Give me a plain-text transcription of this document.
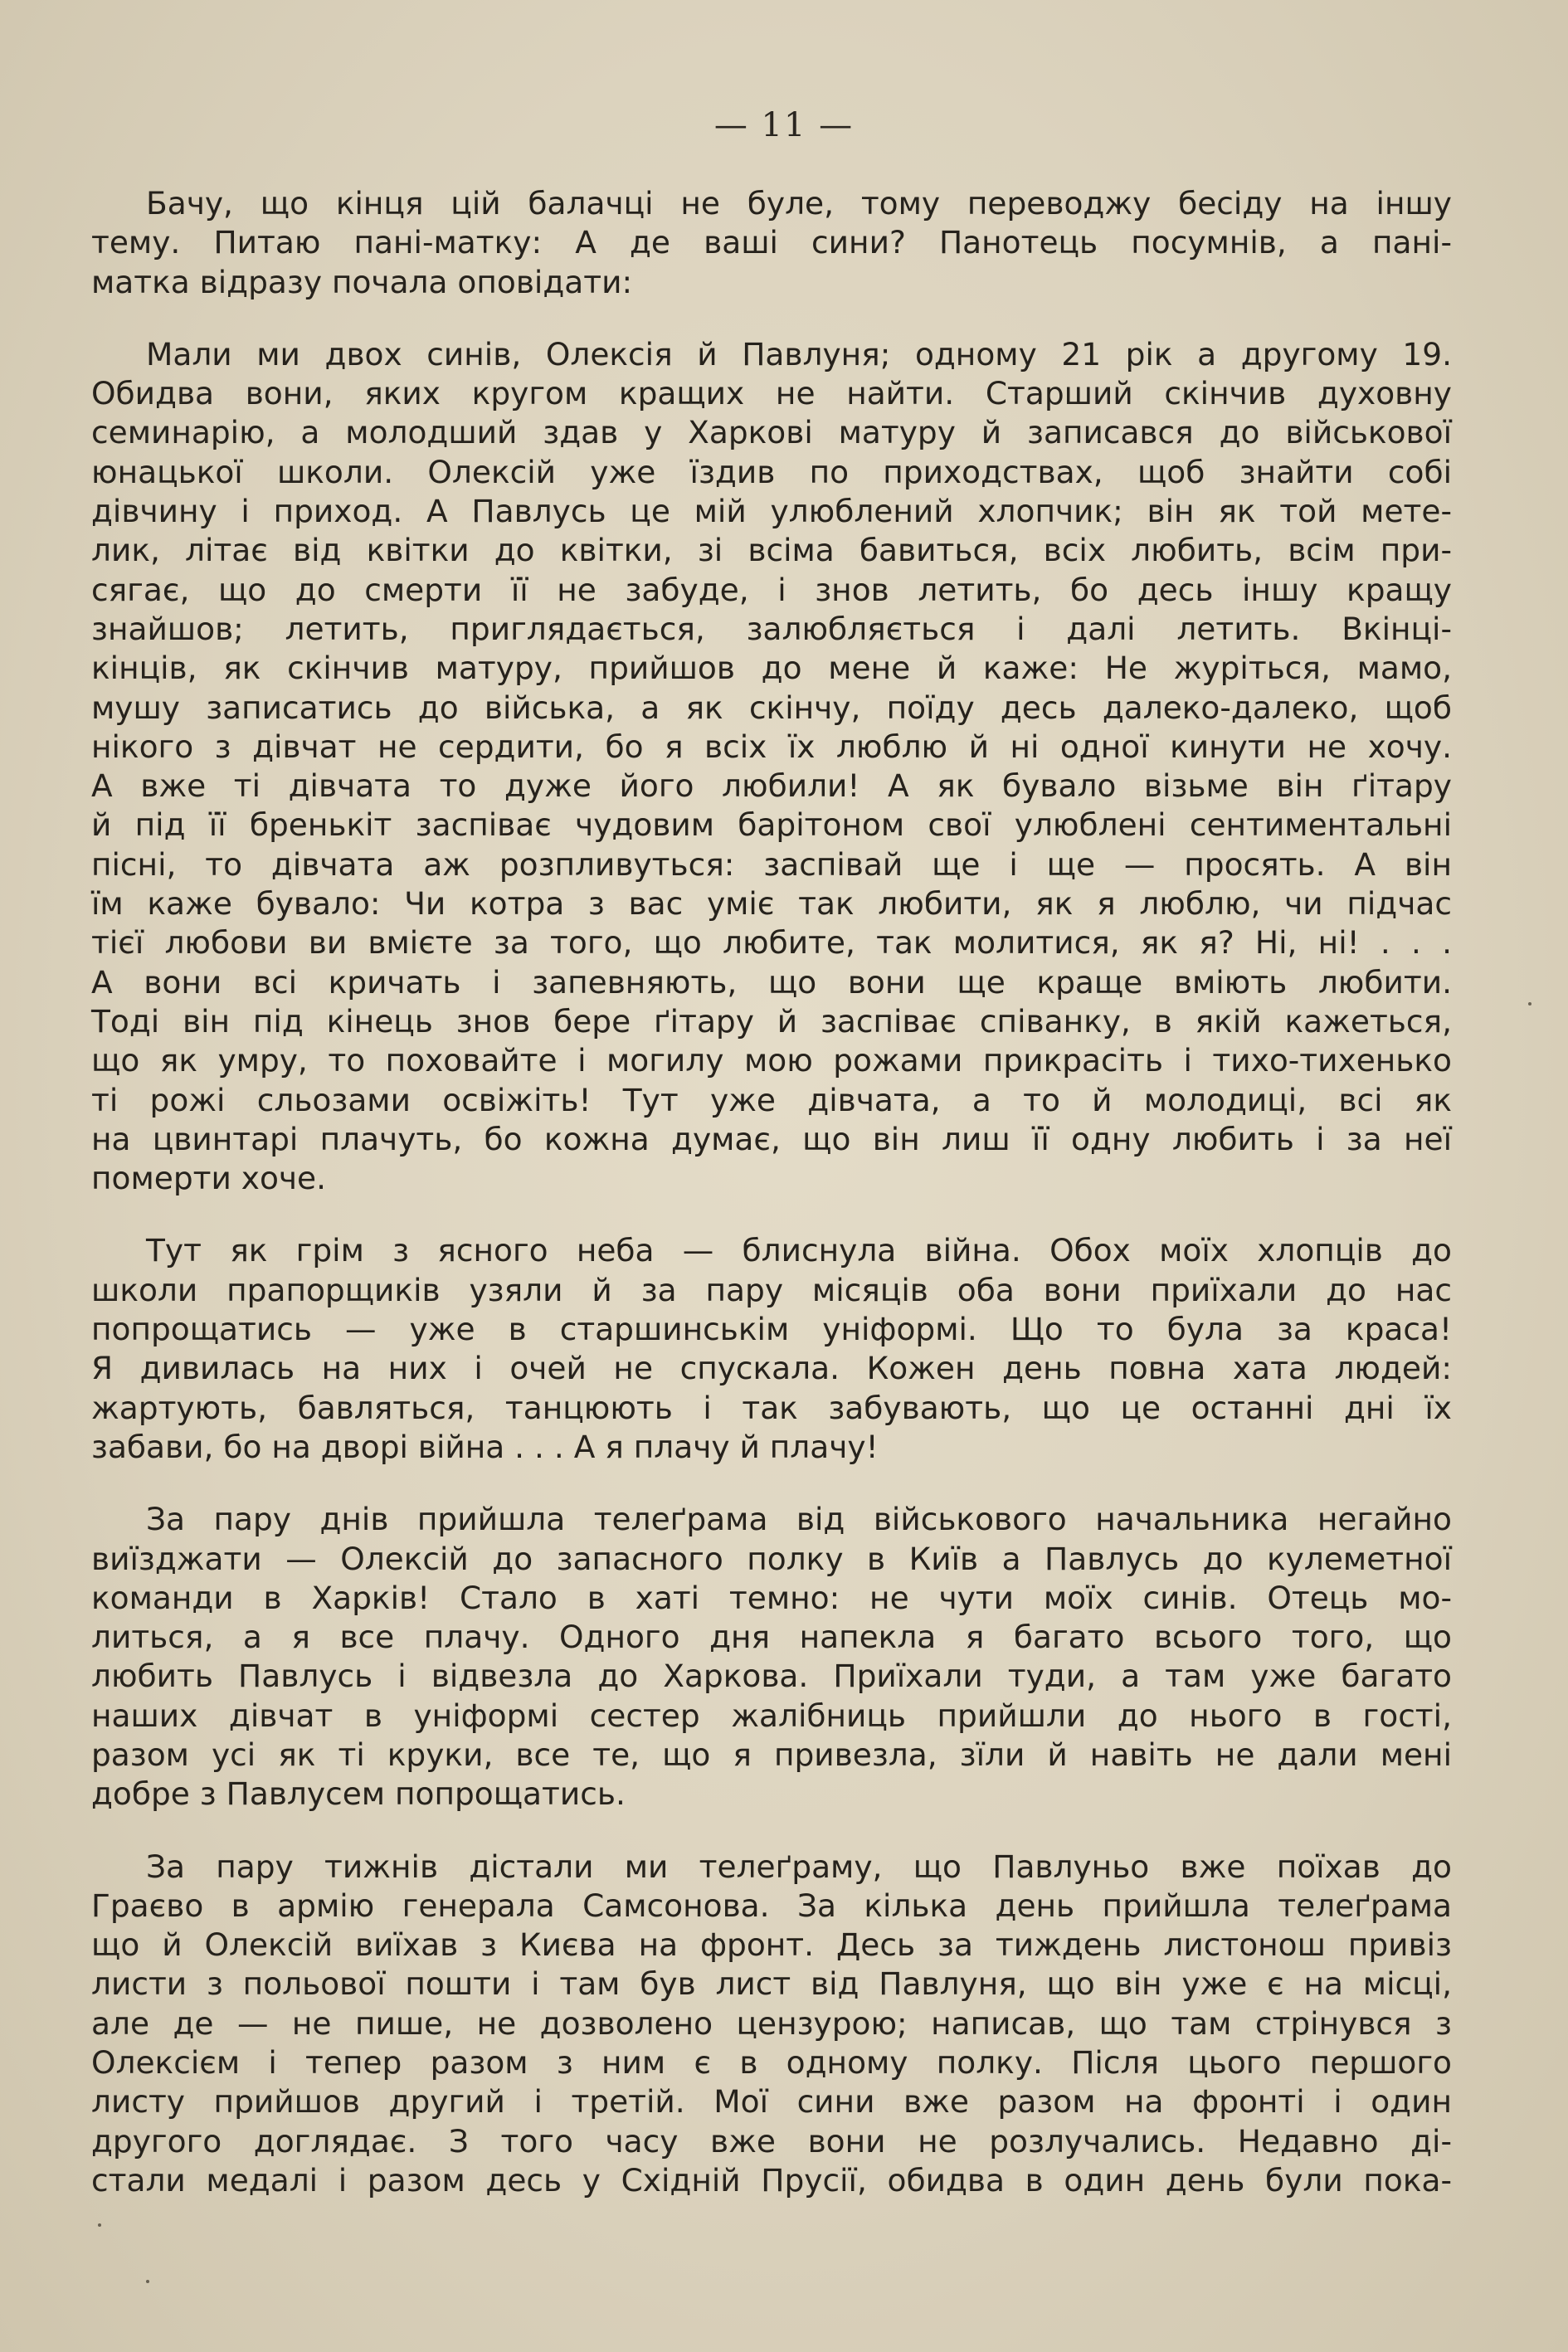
— 11 —
Бачу, що кінця цій балачці не буле, тому переводжу бесіду на іншу
тему. Питаю пані-матку: А де ваші сини? Панотець посумнів, а пані-
матка відразу почала оповідати:
Мали ми двох синів, Олексія й Павлуня; одному 21 рік а другому 19.
Обидва вони, яких кругом кращих не найти. Старший скінчив духовну
семинарію, а молодший здав у Харкові матуру й записався до військової
юнацької школи. Олексій уже їздив по приходствах, щоб знайти собі
дівчину і приход. А Павлусь це мій улюблений хлопчик; він як той мете-
лик, літає від квітки до квітки, зі всіма бавиться, всіх любить, всім при-
сягає, що до смерти її не забуде, і знов летить, бо десь іншу кращу
знайшов; летить, приглядається, залюбляється і далі летить. Вкінці-
кінців, як скінчив матуру, прийшов до мене й каже: Не журіться, мамо,
мушу записатись до війська, а як скінчу, поїду десь далеко-далеко, щоб
нікого з дівчат не сердити, бо я всіх їх люблю й ні одної кинути не хочу.
А вже ті дівчата то дуже його любили! А як бувало візьме він ґітару
й під її бренькіт заспіває чудовим барітоном свої улюблені сентиментальні
пісні, то дівчата аж розпливуться: заспівай ще і ще — просять. А він
їм каже бувало: Чи котра з вас уміє так любити, як я люблю, чи підчас
тієї любови ви вмієте за того, що любите, так молитися, як я? Ні, ні! . . .
А вони всі кричать і запевняють, що вони ще краще вміють любити.
Тоді він під кінець знов бере ґітару й заспіває співанку, в якій кажеться,
що як умру, то поховайте і могилу мою рожами прикрасіть і тихо-тихенько
ті рожі сльозами освіжіть! Тут уже дівчата, а то й молодиці, всі як
на цвинтарі плачуть, бо кожна думає, що він лиш її одну любить і за неї
померти хоче.
Тут як грім з ясного неба — блиснула війна. Обох моїх хлопців до
школи прапорщиків узяли й за пару місяців оба вони приїхали до нас
попрощатись — уже в старшинськім уніформі. Що то була за краса!
Я дивилась на них і очей не спускала. Кожен день повна хата людей:
жартують, бавляться, танцюють і так забувають, що це останні дні їх
забави, бо на дворі війна . . . А я плачу й плачу!
За пару днів прийшла телеґрама від військового начальника негайно
виїзджати — Олексій до запасного полку в Київ а Павлусь до кулеметної
команди в Харків! Стало в хаті темно: не чути моїх синів. Отець мо-
литься, а я все плачу. Одного дня напекла я багато всього того, що
любить Павлусь і відвезла до Харкова. Приїхали туди, а там уже багато
наших дівчат в уніформі сестер жалібниць прийшли до нього в гості,
разом усі як ті круки, все те, що я привезла, зїли й навіть не дали мені
добре з Павлусем попрощатись.
За пару тижнів дістали ми телеґраму, що Павлуньо вже поїхав до
Граєво в армію генерала Самсонова. За кілька день прийшла телеґрама
що й Олексій виїхав з Києва на фронт. Десь за тиждень листонош привіз
листи з польової пошти і там був лист від Павлуня, що він уже є на місці,
але де — не пише, не дозволено цензурою; написав, що там стрінувся з
Олексієм і тепер разом з ним є в одному полку. Після цього першого
листу прийшов другий і третій. Мої сини вже разом на фронті і один
другого доглядає. З того часу вже вони не розлучались. Недавно ді-
стали медалі і разом десь у Східній Прусії, обидва в один день були пока-
